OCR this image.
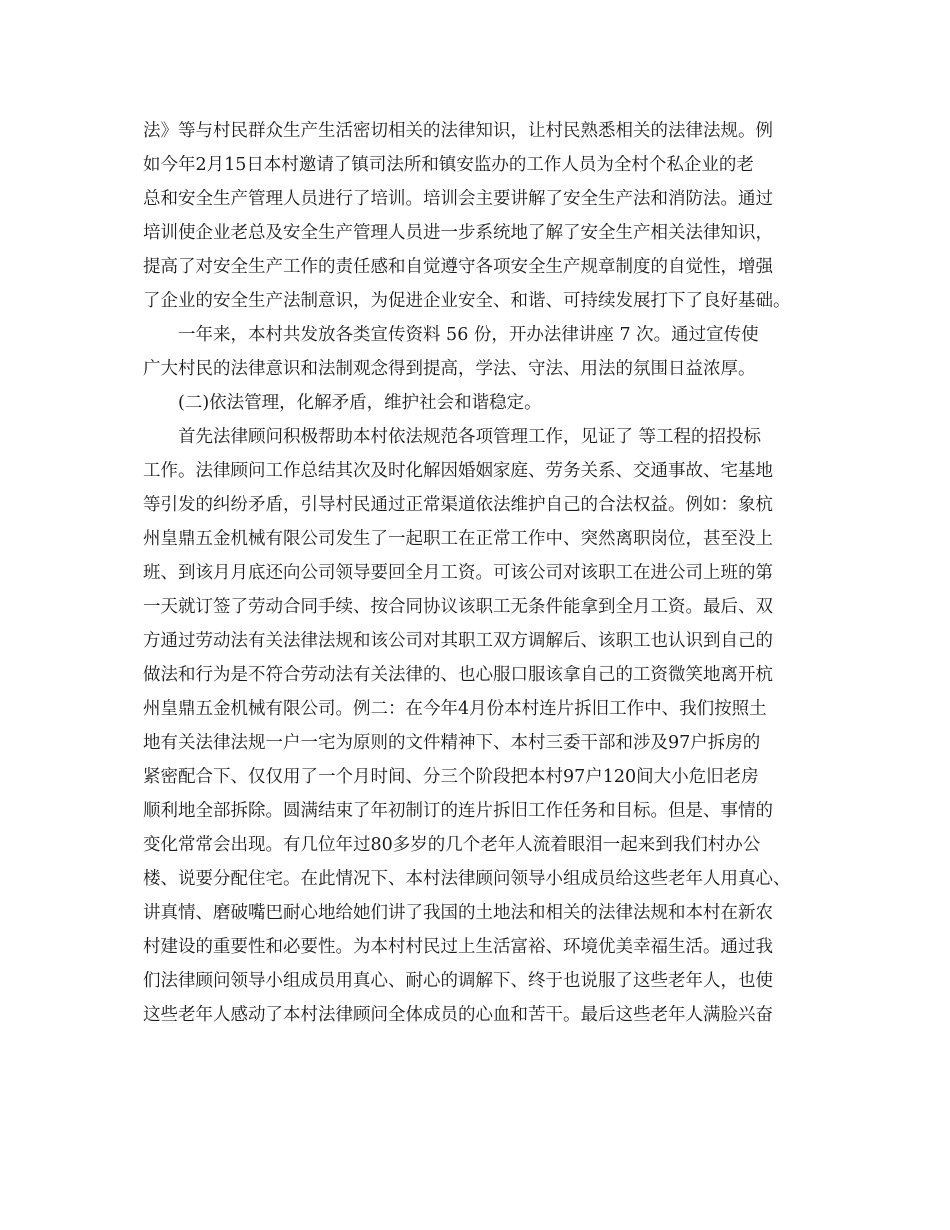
法》等与村民群众生产生活密切相关的法律知识，让村民熟悉相关的法律法规。例
如今年2月15日本村邀请了镇司法所和镇安监办的工作人员为全村个私企业的老
总和安全生产管理人员进行了培训。培训会主要讲解了安全生产法和消防法。通过
培训使企业老总及安全生产管理人员进一步系统地了解了安全生产相关法律知识，
提高了对安全生产工作的责任感和自觉遵守各项安全生产规章制度的自觉性，增强
了企业的安全生产法制意识，为促进企业安全、和谐、可持续发展打下了良好基础。
一年来，本村共发放各类宣传资料 56 份，开办法律讲座 7 次。通过宣传使
广大村民的法律意识和法制观念得到提高，学法、守法、用法的氛围日益浓厚。
(二)依法管理，化解矛盾，维护社会和谐稳定。
首先法律顾问积极帮助本村依法规范各项管理工作，见证了 等工程的招投标
工作。法律顾问工作总结其次及时化解因婚姻家庭、劳务关系、交通事故、宅基地
等引发的纠纷矛盾，引导村民通过正常渠道依法维护自己的合法权益。例如：象杭
州皇鼎五金机械有限公司发生了一起职工在正常工作中、突然离职岗位，甚至没上
班、到该月月底还向公司领导要回全月工资。可该公司对该职工在进公司上班的第
一天就订签了劳动合同手续、按合同协议该职工无条件能拿到全月工资。最后、双
方通过劳动法有关法律法规和该公司对其职工双方调解后、该职工也认识到自己的
做法和行为是不符合劳动法有关法律的、也心服口服该拿自己的工资微笑地离开杭
州皇鼎五金机械有限公司。例二：在今年4月份本村连片拆旧工作中、我们按照土
地有关法律法规一户一宅为原则的文件精神下、本村三委干部和涉及97户拆房的
紧密配合下、仅仅用了一个月时间、分三个阶段把本村97户120间大小危旧老房
顺利地全部拆除。圆满结束了年初制订的连片拆旧工作任务和目标。但是、事情的
变化常常会出现。有几位年过80多岁的几个老年人流着眼泪一起来到我们村办公
楼、说要分配住宅。在此情况下、本村法律顾问领导小组成员给这些老年人用真心、
讲真情、磨破嘴巴耐心地给她们讲了我国的土地法和相关的法律法规和本村在新农
村建设的重要性和必要性。为本村村民过上生活富裕、环境优美幸福生活。通过我
们法律顾问领导小组成员用真心、耐心的调解下、终于也说服了这些老年人，也使
这些老年人感动了本村法律顾问全体成员的心血和苦干。最后这些老年人满脸兴奋
